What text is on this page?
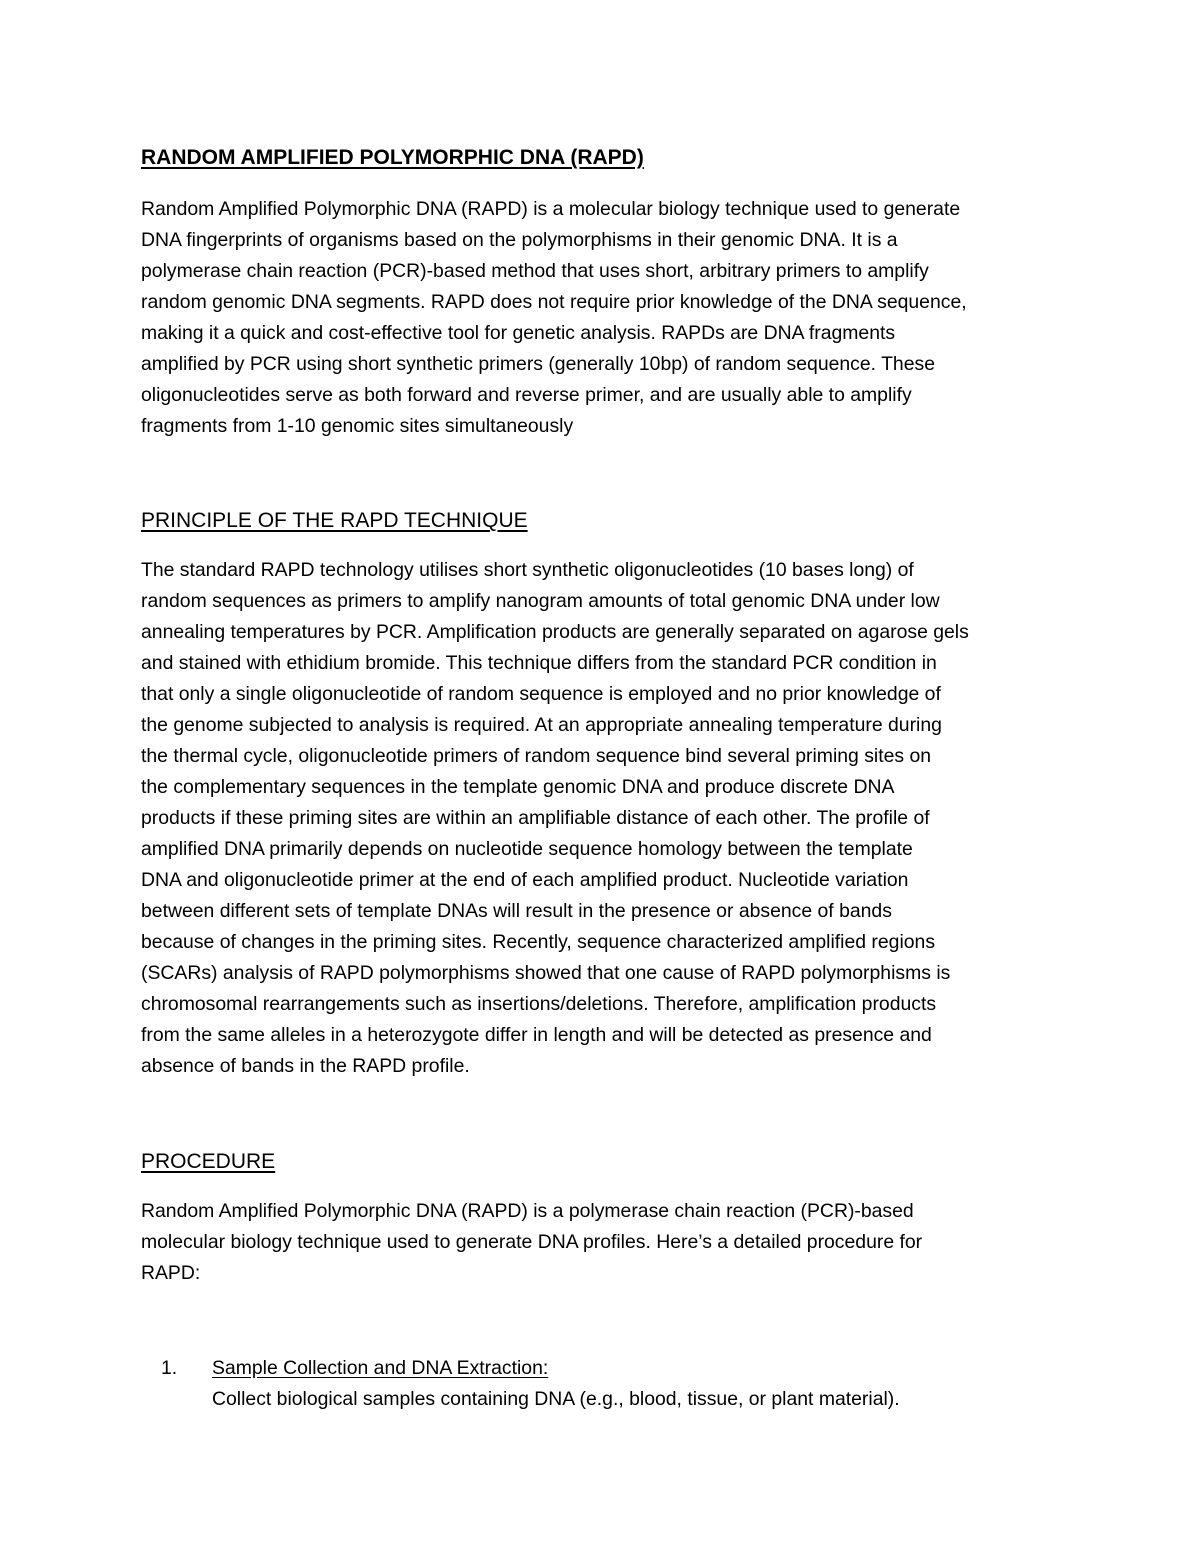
RANDOM AMPLIFIED POLYMORPHIC DNA (RAPD)

Random Amplified Polymorphic DNA (RAPD) is a molecular biology technique used to generate
DNA fingerprints of organisms based on the polymorphisms in their genomic DNA. It is a
polymerase chain reaction (PCR)-based method that uses short, arbitrary primers to amplify
random genomic DNA segments. RAPD does not require prior knowledge of the DNA sequence,
making it a quick and cost-effective tool for genetic analysis. RAPDs are DNA fragments
amplified by PCR using short synthetic primers (generally 10bp) of random sequence. These
oligonucleotides serve as both forward and reverse primer, and are usually able to amplify
fragments from 1-10 genomic sites simultaneously

PRINCIPLE OF THE RAPD TECHNIQUE

The standard RAPD technology utilises short synthetic oligonucleotides (10 bases long) of
random sequences as primers to amplify nanogram amounts of total genomic DNA under low
annealing temperatures by PCR. Amplification products are generally separated on agarose gels
and stained with ethidium bromide. This technique differs from the standard PCR condition in
that only a single oligonucleotide of random sequence is employed and no prior knowledge of
the genome subjected to analysis is required. At an appropriate annealing temperature during
the thermal cycle, oligonucleotide primers of random sequence bind several priming sites on
the complementary sequences in the template genomic DNA and produce discrete DNA
products if these priming sites are within an amplifiable distance of each other. The profile of
amplified DNA primarily depends on nucleotide sequence homology between the template
DNA and oligonucleotide primer at the end of each amplified product. Nucleotide variation
between different sets of template DNAs will result in the presence or absence of bands
because of changes in the priming sites. Recently, sequence characterized amplified regions
(SCARs) analysis of RAPD polymorphisms showed that one cause of RAPD polymorphisms is
chromosomal rearrangements such as insertions/deletions. Therefore, amplification products
from the same alleles in a heterozygote differ in length and will be detected as presence and
absence of bands in the RAPD profile.

PROCEDURE

Random Amplified Polymorphic DNA (RAPD) is a polymerase chain reaction (PCR)-based
molecular biology technique used to generate DNA profiles. Here’s a detailed procedure for
RAPD:

1. Sample Collection and DNA Extraction:
Collect biological samples containing DNA (e.g., blood, tissue, or plant material).
